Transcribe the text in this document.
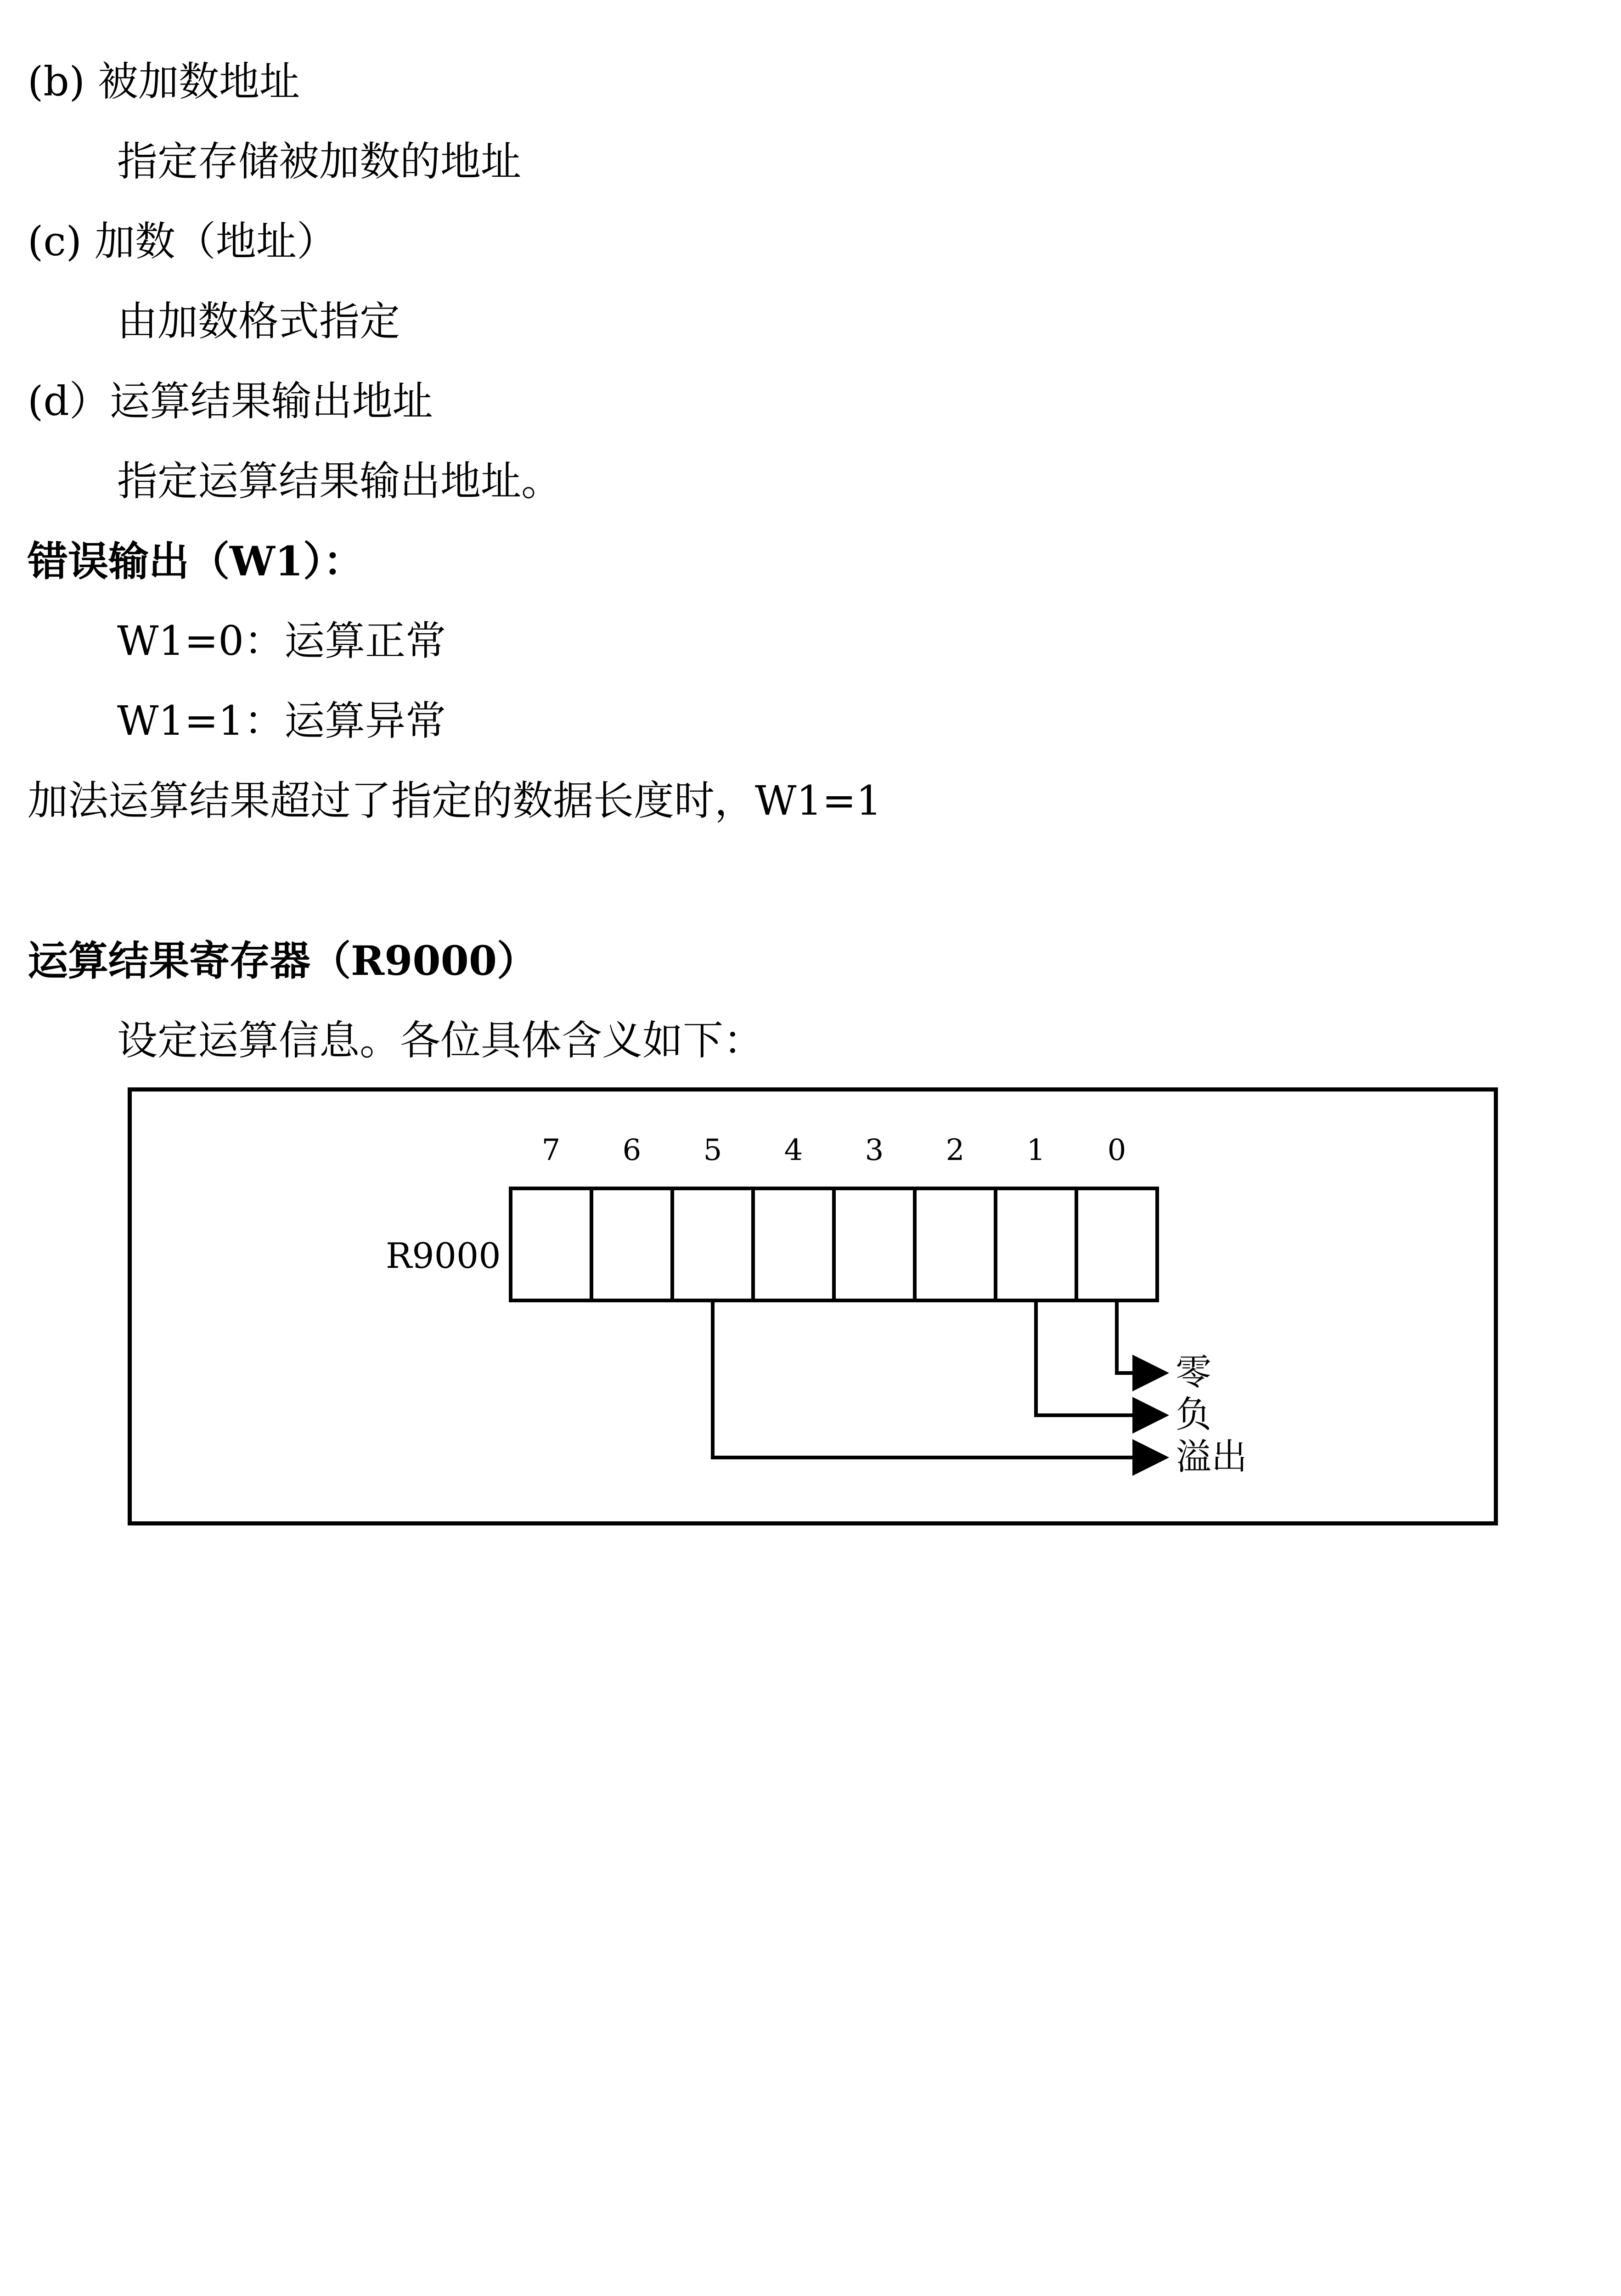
(b) 被加数地址
指定存储被加数的地址
(c) 加数（地址）
由加数格式指定
(d）运算结果输出地址
指定运算结果输出地址。
错误输出（W1）：
W1=0：运算正常
W1=1：运算异常
加法运算结果超过了指定的数据长度时，W1=1
运算结果寄存器（R9000）
设定运算信息。各位具体含义如下：
7	6	5	4	3	2	1	0
R9000
零
负
溢出
